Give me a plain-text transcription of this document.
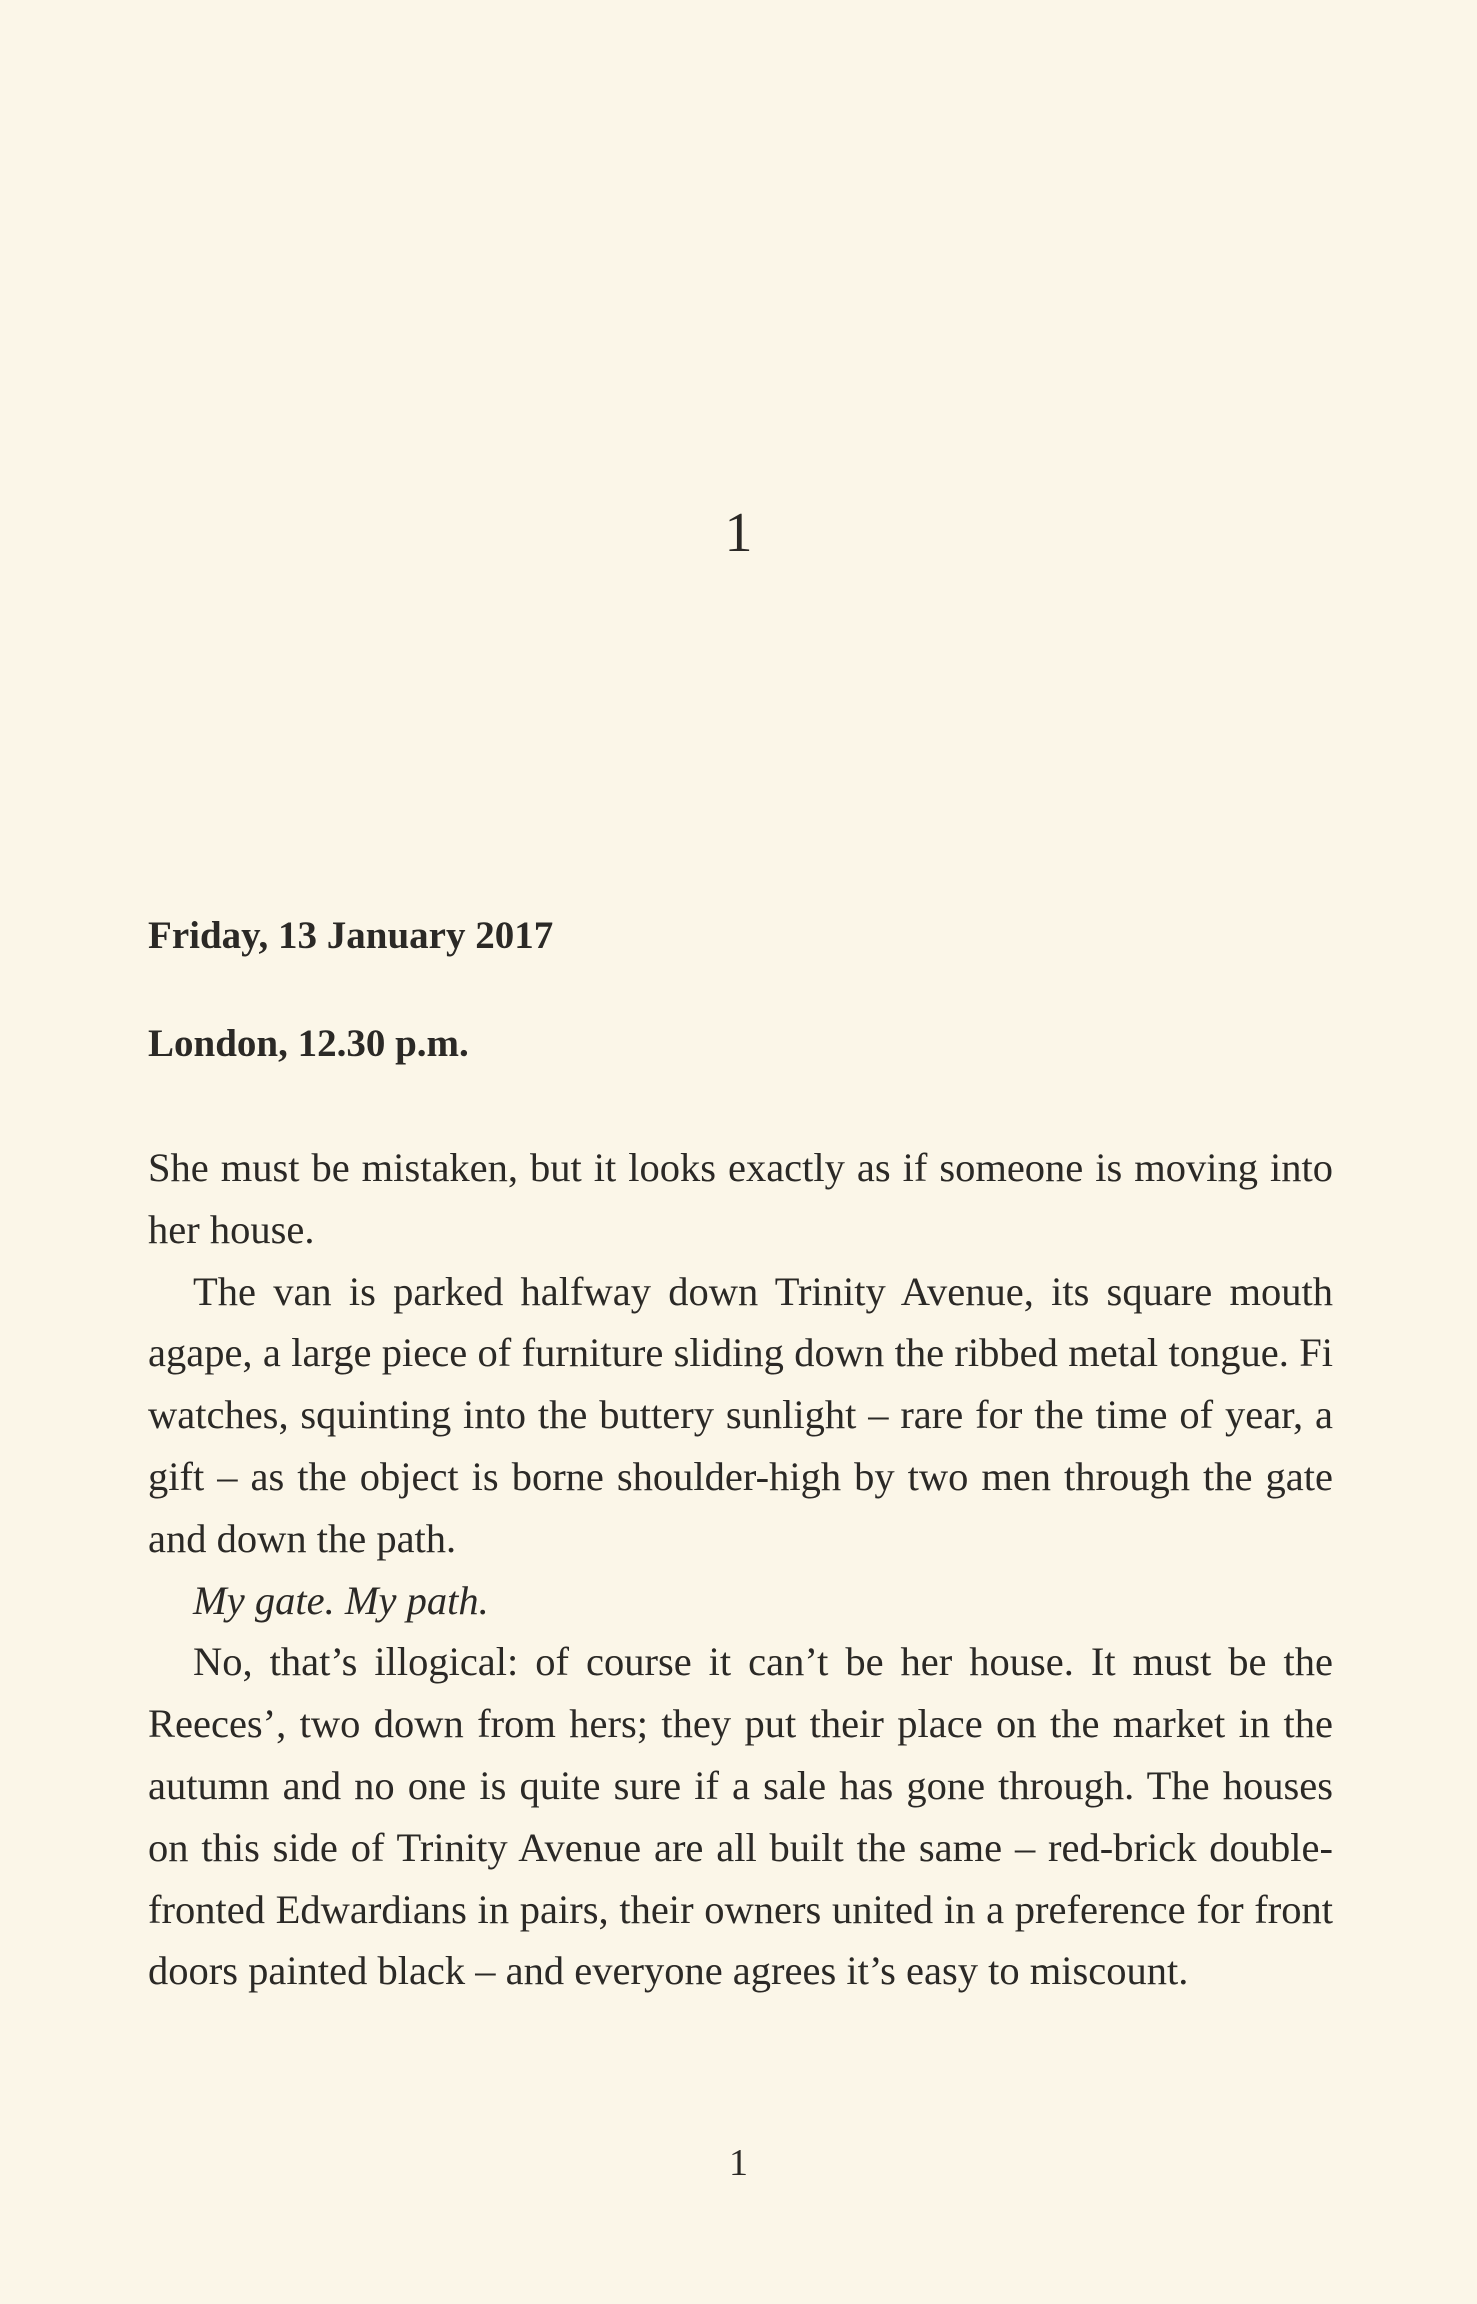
1
Friday, 13 January 2017
London, 12.30 p.m.

She must be mistaken, but it looks exactly as if someone is moving into her house.

The van is parked halfway down Trinity Avenue, its square mouth agape, a large piece of furniture sliding down the ribbed metal tongue. Fi watches, squinting into the buttery sunlight – rare for the time of year, a gift – as the object is borne shoulder-high by two men through the gate and down the path.

My gate. My path.

No, that’s illogical: of course it can’t be her house. It must be the Reeces’, two down from hers; they put their place on the market in the autumn and no one is quite sure if a sale has gone through. The houses on this side of Trinity Avenue are all built the same – red-brick double-fronted Edwardians in pairs, their owners united in a preference for front doors painted black – and everyone agrees it’s easy to miscount.

1
